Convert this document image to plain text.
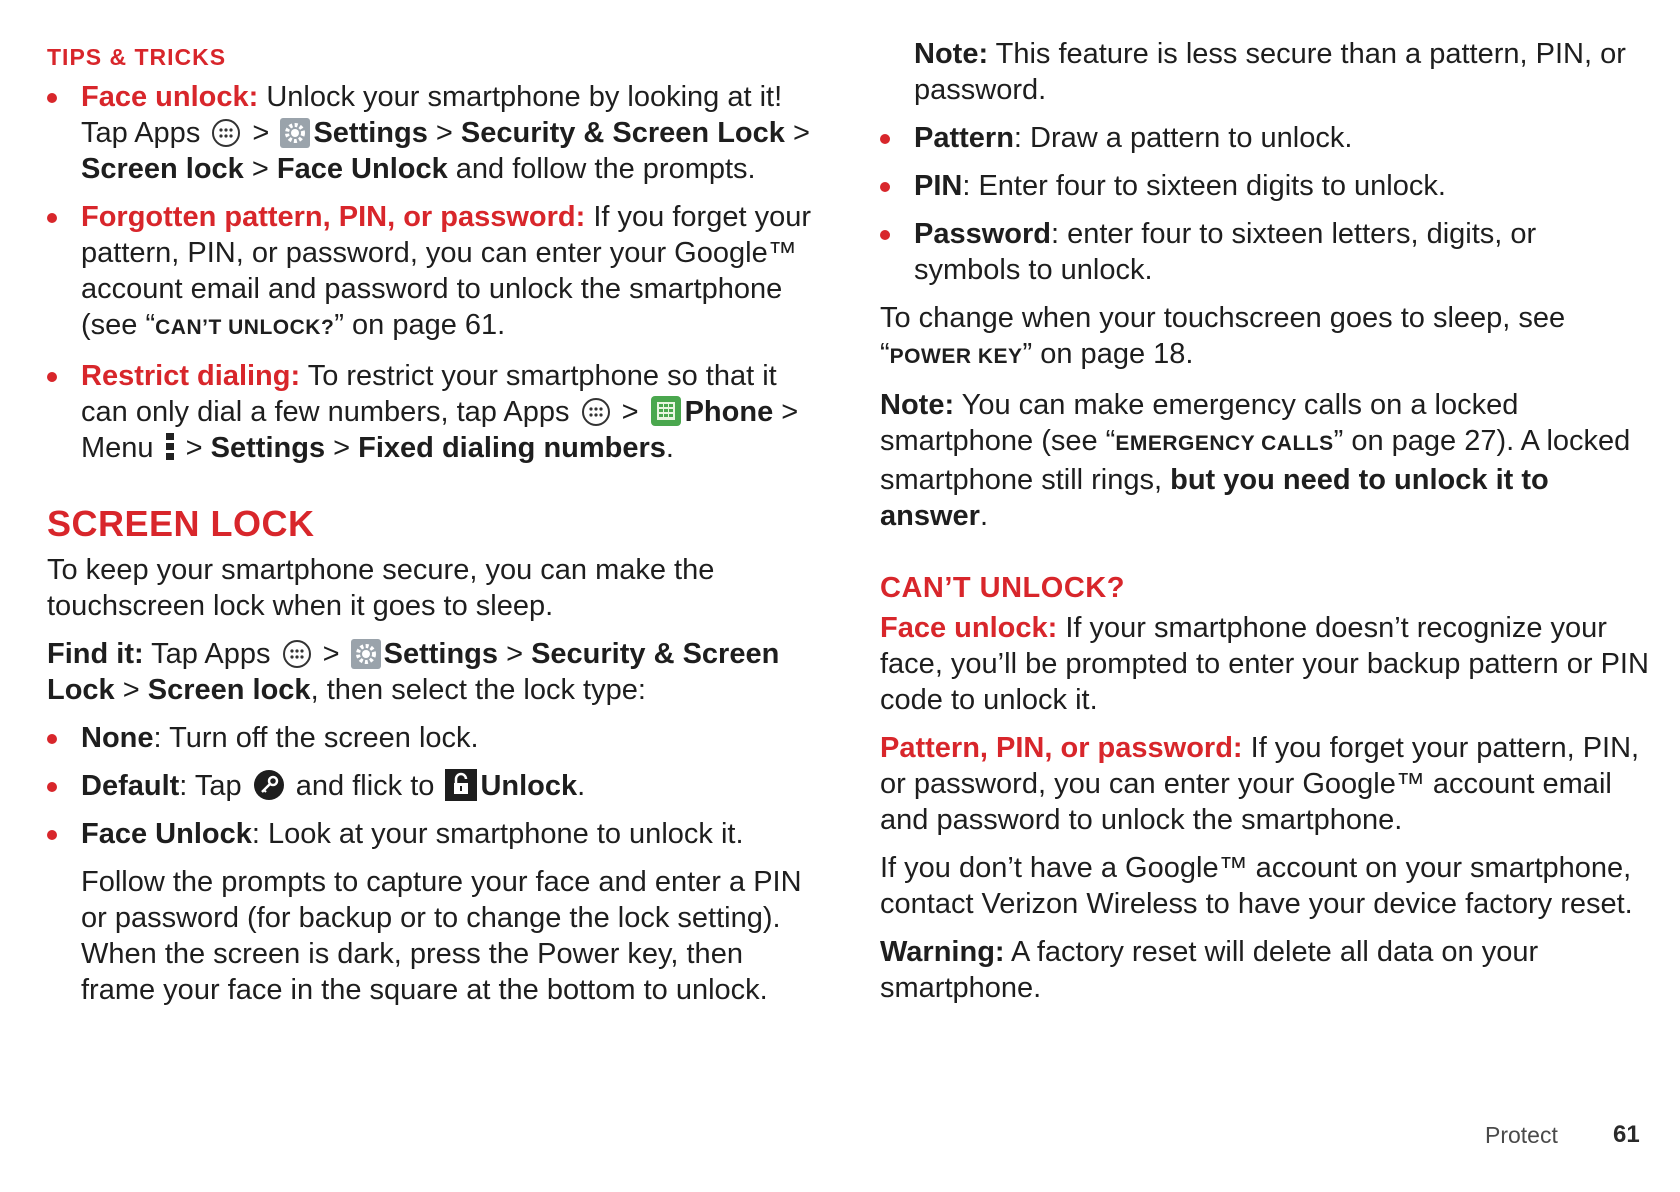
TIPS & TRICKS

Face unlock: Unlock your smartphone by looking at it! Tap Apps  > Settings > Security & Screen Lock > Screen lock > Face Unlock and follow the prompts.

Forgotten pattern, PIN, or password: If you forget your pattern, PIN, or password, you can enter your Google™ account email and password to unlock the smartphone (see “CAN’T UNLOCK?” on page 61.

Restrict dialing: To restrict your smartphone so that it can only dial a few numbers, tap Apps  > Phone > Menu  > Settings > Fixed dialing numbers.

SCREEN LOCK

To keep your smartphone secure, you can make the touchscreen lock when it goes to sleep.

Find it: Tap Apps  > Settings > Security & Screen Lock > Screen lock, then select the lock type:

None: Turn off the screen lock.

Default: Tap  and flick to Unlock.

Face Unlock: Look at your smartphone to unlock it.

Follow the prompts to capture your face and enter a PIN or password (for backup or to change the lock setting). When the screen is dark, press the Power key, then frame your face in the square at the bottom to unlock.

Note: This feature is less secure than a pattern, PIN, or password.

Pattern: Draw a pattern to unlock.

PIN: Enter four to sixteen digits to unlock.

Password: enter four to sixteen letters, digits, or symbols to unlock.

To change when your touchscreen goes to sleep, see “POWER KEY” on page 18.

Note: You can make emergency calls on a locked smartphone (see “EMERGENCY CALLS” on page 27). A locked smartphone still rings, but you need to unlock it to answer.

CAN’T UNLOCK?

Face unlock: If your smartphone doesn’t recognize your face, you’ll be prompted to enter your backup pattern or PIN code to unlock it.

Pattern, PIN, or password: If you forget your pattern, PIN, or password, you can enter your Google™ account email and password to unlock the smartphone.

If you don’t have a Google™ account on your smartphone, contact Verizon Wireless to have your device factory reset.

Warning: A factory reset will delete all data on your smartphone.

Protect 61
